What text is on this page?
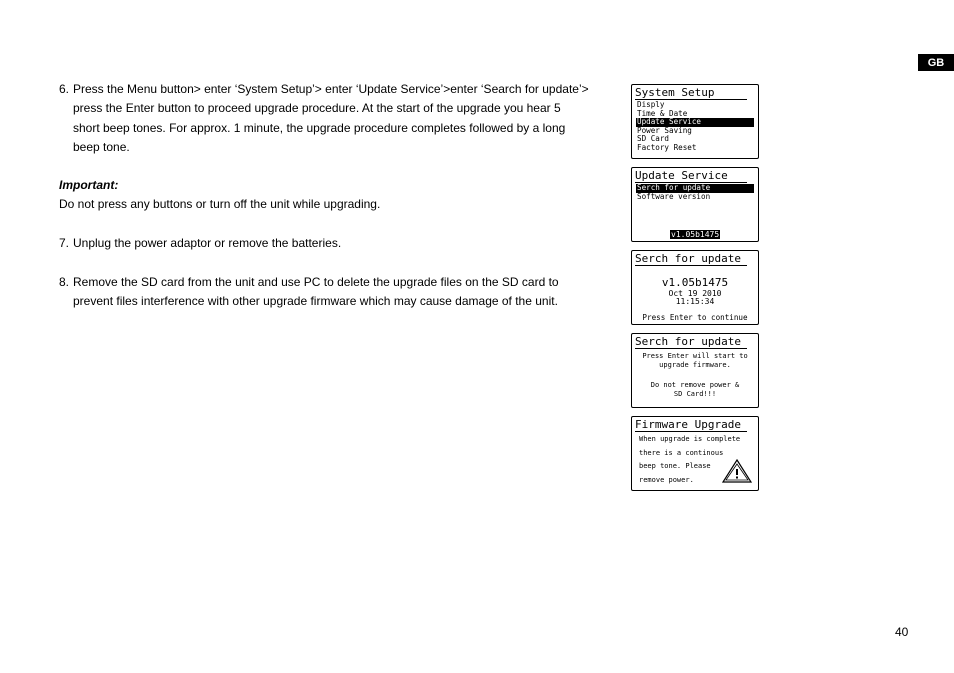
GB
6. Press the Menu button> enter ‘System Setup’> enter ‘Update Service’>enter ‘Search for update’>
press the Enter button to proceed upgrade procedure. At the start of the upgrade you hear 5
short beep tones. For approx. 1 minute, the upgrade procedure completes followed by a long
beep tone.
Important:
Do not press any buttons or turn off the unit while upgrading.
7. Unplug the power adaptor or remove the batteries.
8. Remove the SD card from the unit and use PC to delete the upgrade files on the SD card to
prevent files interference with other upgrade firmware which may cause damage of the unit.
System Setup
Disply
Time & Date
Update Service
Power Saving
SD Card
Factory Reset
Update Service
Serch for update
Software version
v1.05b1475
Serch for update
v1.05b1475
Oct 19 2010
11:15:34
Press Enter to continue
Serch for update
Press Enter will start to
upgrade firmware.
Do not remove power &
SD Card!!!
Firmware Upgrade
When upgrade is complete
there is a continous
beep tone. Please
remove power.
40
